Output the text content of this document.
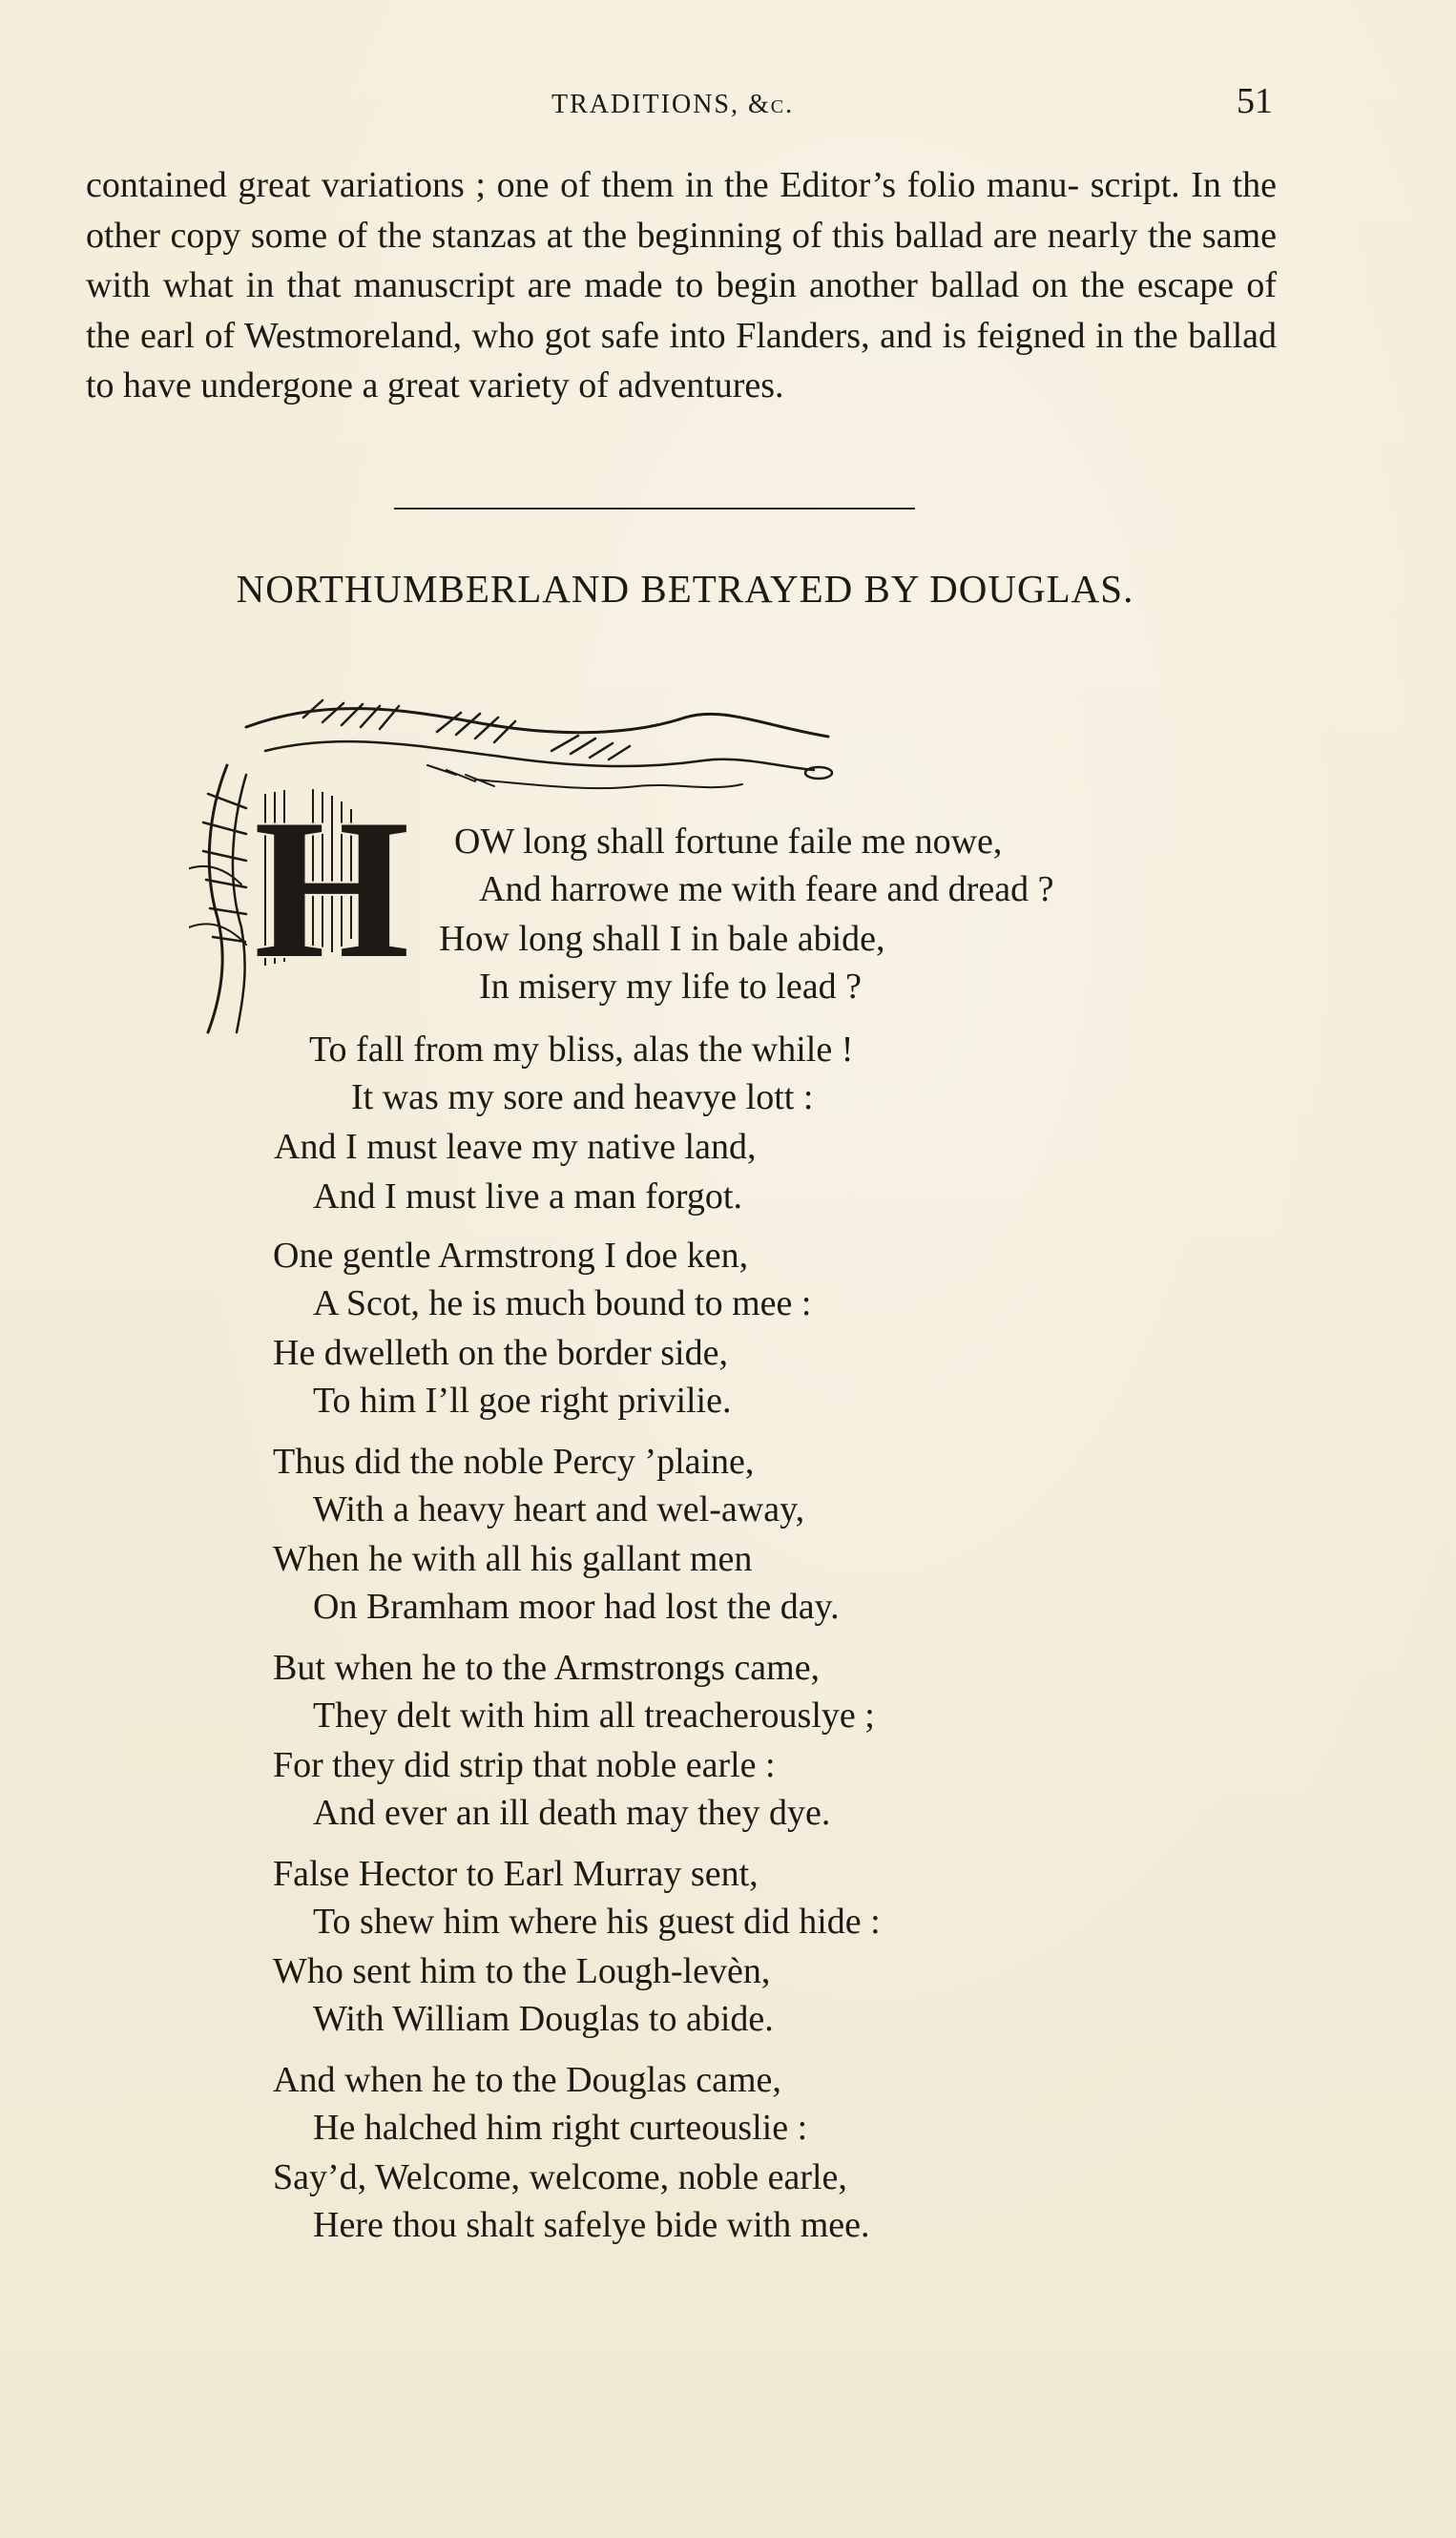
TRADITIONS, &c.	51

contained great variations ; one of them in the Editor’s folio manu- script. In the other copy some of the stanzas at the beginning of this ballad are nearly the same with what in that manuscript are made to begin another ballad on the escape of the earl of Westmoreland, who got safe into Flanders, and is feigned in the ballad to have undergone a great variety of adventures.

NORTHUMBERLAND BETRAYED BY DOUGLAS.
H OW long shall fortune faile me nowe,

And harrowe me with feare and dread ?

How long shall I in bale abide,

In misery my life to lead ?

To fall from my bliss, alas the while !

It was my sore and heavye lott :

And I must leave my native land,

And I must live a man forgot.

One gentle Armstrong I doe ken,

A Scot, he is much bound to mee :

He dwelleth on the border side,

To him I’ll goe right privilie.

Thus did the noble Percy ’plaine,

With a heavy heart and wel-away,

When he with all his gallant men

On Bramham moor had lost the day.

But when he to the Armstrongs came,

They delt with him all treacherouslye ;

For they did strip that noble earle :

And ever an ill death may they dye.

False Hector to Earl Murray sent,

To shew him where his guest did hide :

Who sent him to the Lough-levèn,

With William Douglas to abide.

And when he to the Douglas came,

He halched him right curteouslie :

Say’d, Welcome, welcome, noble earle,

Here thou shalt safelye bide with mee.
